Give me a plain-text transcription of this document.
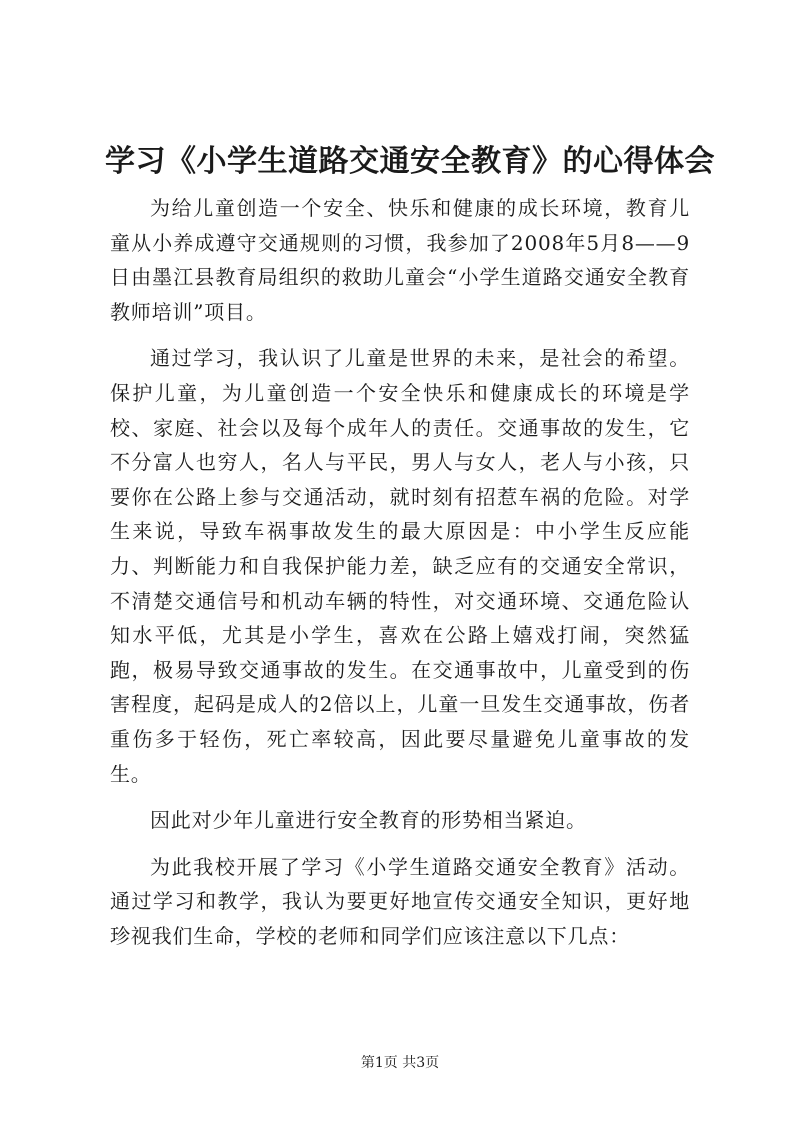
学习《小学生道路交通安全教育》的心得体会

为给儿童创造一个安全、快乐和健康的成长环境，教育儿童从小养成遵守交通规则的习惯，我参加了2008年5月8——9日由墨江县教育局组织的救助儿童会“小学生道路交通安全教育教师培训”项目。

通过学习，我认识了儿童是世界的未来，是社会的希望。保护儿童，为儿童创造一个安全快乐和健康成长的环境是学校、家庭、社会以及每个成年人的责任。交通事故的发生，它不分富人也穷人，名人与平民，男人与女人，老人与小孩，只要你在公路上参与交通活动，就时刻有招惹车祸的危险。对学生来说，导致车祸事故发生的最大原因是：中小学生反应能力、判断能力和自我保护能力差，缺乏应有的交通安全常识，不清楚交通信号和机动车辆的特性，对交通环境、交通危险认知水平低，尤其是小学生，喜欢在公路上嬉戏打闹，突然猛跑，极易导致交通事故的发生。在交通事故中，儿童受到的伤害程度，起码是成人的2倍以上，儿童一旦发生交通事故，伤者重伤多于轻伤，死亡率较高，因此要尽量避免儿童事故的发生。

因此对少年儿童进行安全教育的形势相当紧迫。

为此我校开展了学习《小学生道路交通安全教育》活动。通过学习和教学，我认为要更好地宣传交通安全知识，更好地珍视我们生命，学校的老师和同学们应该注意以下几点：

第1页 共3页
